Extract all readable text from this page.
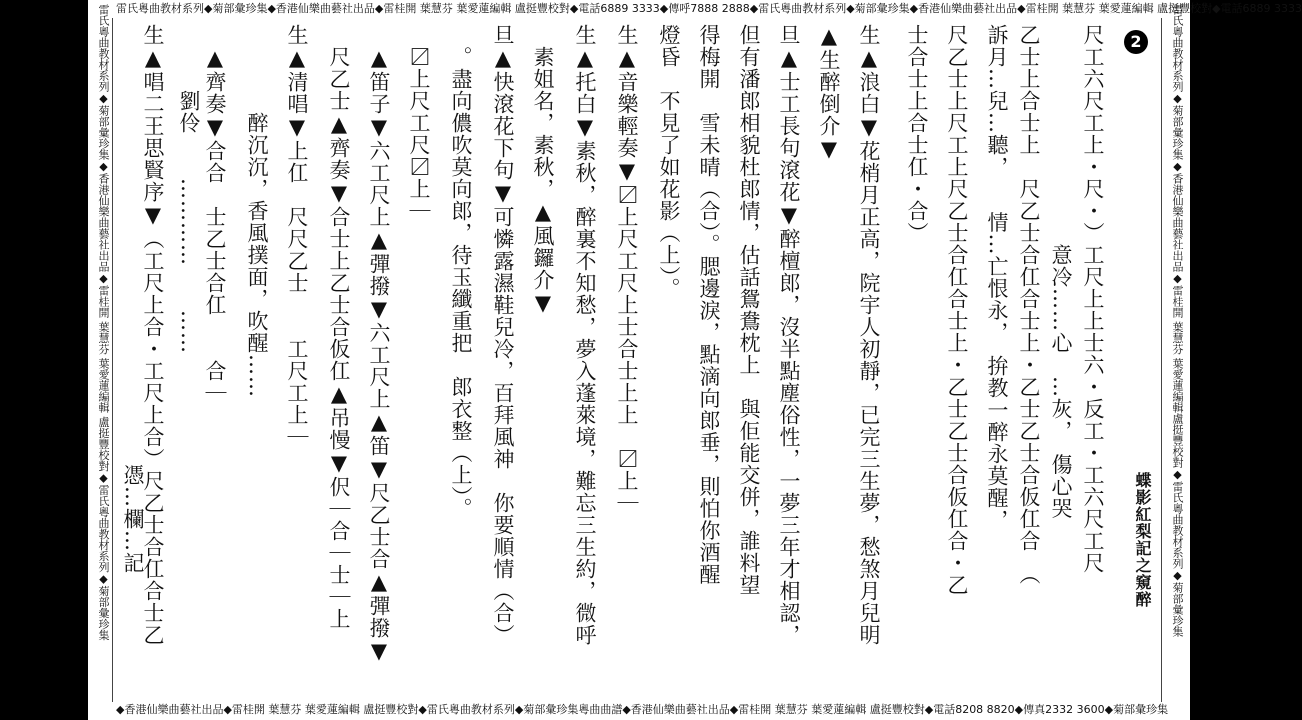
雷氏粵曲教材系列◆菊部彙珍集◆香港仙樂曲藝社出品◆雷桂開 葉慧芬 葉愛蓮編輯 盧挺豐校對◆電話6889 3333◆傳呼7888 2888◆雷氏粵曲教材系列◆菊部彙珍集◆香港仙樂曲藝社出品◆雷桂開 葉慧芬 葉愛蓮編輯 盧挺豐校對◆電話6889 3333
雷氏粵曲教材系列◆菊部彙珍集◆香港仙樂曲藝社出品◆雷桂開 葉慧芬 葉愛蓮編輯 盧挺豐校對◆雷氏粵曲教材系列◆菊部彙珍集	雷氏粵曲教材系列◆菊部彙珍集◆香港仙樂曲藝社出品◆雷桂開 葉慧芬 葉愛蓮編輯盧挺豐校對◆雷氏粵曲教材系列◆菊部彙珍集
2
蝶影紅梨記之窺醉
尺工六尺工上・尺・）工尺上上士六・反工・工六尺工尺
　　　　　　　　　　意冷……心　…灰，　傷心哭
乙士上合士上　尺乙士合仜合士上・乙士乙士合仮仜合　（
訴月…兒…聽，　　情…亡恨永，　拚教一醉永莫醒，
尺乙士上尺工上尺乙士合仜合士上・乙士乙士合仮仜合・乙
士合士上合士仜・合）
生▲浪白▼花梢月正高，院宇人初靜，已完三生夢，愁煞月兒明
▲生醉倒介▼
旦▲士工長句滾花▼醉檀郎，沒半點塵俗性，一夢三年才相認，
但有潘郎相貌杜郎情，估話鴛鴦枕上　與佢能交併，誰料望
得梅開　雪未晴（合）。腮邊淚，點滴向郎垂，則怕你酒醒
燈昏　不見了如花影（上）。
生▲音樂輕奏▼〼上尺工尺上士合士上上　〼上｜
生▲托白▼素秋，醉裏不知愁，夢入蓬萊境，難忘三生約，微呼
　素姐名，素秋，▲風鑼介▼
旦▲快滾花下句▼可憐露濕鞋兒冷，百拜風神　你要順情（合）
　。盡向儂吹莫向郎，待玉纖重把　郎衣整（上）。
　〼上尺工尺〼上｜
　▲笛子▼六工尺上▲彈撥▼六工尺上▲笛▼尺乙士合▲彈撥▼
　尺乙士▲齊奏▼合士上乙士合仮仜▲吊慢▼伬｜合｜士｜上
生▲清唱▼上仜　尺尺乙士　　工尺工上｜
　　　　醉沉沉，香風撲面，吹醒……
　▲齊奏▼合合　士乙士合仜　　合｜
　　　劉伶　　…………　　……
生▲唱二王思賢序▼（工尺上合・工尺上合）尺乙士合仜合士乙
　　　　　　　　　　　　　　　　　　　　憑…欄…記
◆香港仙樂曲藝社出品◆雷桂開 葉慧芬 葉愛蓮編輯 盧挺豐校對◆雷氏粵曲教材系列◆菊部彙珍集粵曲曲譜◆香港仙樂曲藝社出品◆雷桂開 葉慧芬 葉愛蓮編輯 盧挺豐校對◆電話8208 8820◆傳真2332 3600◆菊部彙珍集
